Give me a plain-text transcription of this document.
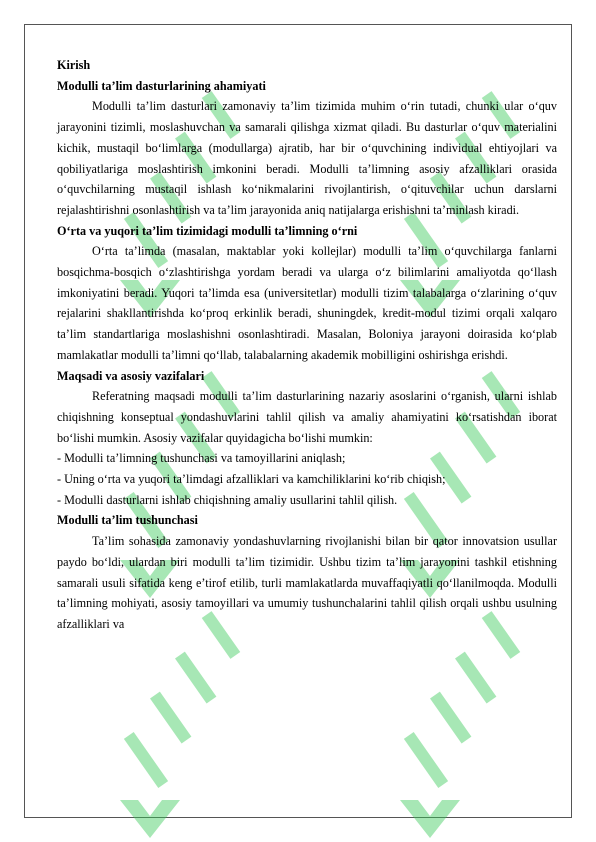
Kirish

Modulli ta’lim dasturlarining ahamiyati

Modulli ta’lim dasturlari zamonaviy ta’lim tizimida muhim o‘rin tutadi, chunki ular o‘quv jarayonini tizimli, moslashuvchan va samarali qilishga xizmat qiladi. Bu dasturlar o‘quv materialini kichik, mustaqil bo‘limlarga (modullarga) ajratib, har bir o‘quvchining individual ehtiyojlari va qobiliyatlariga moslashtirish imkonini beradi. Modulli ta’limning asosiy afzalliklari orasida o‘quvchilarning mustaqil ishlash ko‘nikmalarini rivojlantirish, o‘qituvchilar uchun darslarni rejalashtirishni osonlashtirish va ta’lim jarayonida aniq natijalarga erishishni ta’minlash kiradi.

O‘rta va yuqori ta’lim tizimidagi modulli ta’limning o‘rni

O‘rta ta’limda (masalan, maktablar yoki kollejlar) modulli ta’lim o‘quvchilarga fanlarni bosqichma-bosqich o‘zlashtirishga yordam beradi va ularga o‘z bilimlarini amaliyotda qo‘llash imkoniyatini beradi. Yuqori ta’limda esa (universitetlar) modulli tizim talabalarga o‘zlarining o‘quv rejalarini shakllantirishda ko‘proq erkinlik beradi, shuningdek, kredit-modul tizimi orqali xalqaro ta’lim standartlariga moslashishni osonlashtiradi. Masalan, Boloniya jarayoni doirasida ko‘plab mamlakatlar modulli ta’limni qo‘llab, talabalarning akademik mobilligini oshirishga erishdi.

Maqsadi va asosiy vazifalari

Referatning maqsadi modulli ta’lim dasturlarining nazariy asoslarini o‘rganish, ularni ishlab chiqishning konseptual yondashuvlarini tahlil qilish va amaliy ahamiyatini ko‘rsatishdan iborat bo‘lishi mumkin. Asosiy vazifalar quyidagicha bo‘lishi mumkin:

- Modulli ta’limning tushunchasi va tamoyillarini aniqlash;

- Uning o‘rta va yuqori ta’limdagi afzalliklari va kamchiliklarini ko‘rib chiqish;

- Modulli dasturlarni ishlab chiqishning amaliy usullarini tahlil qilish.

Modulli ta’lim tushunchasi

Ta’lim sohasida zamonaviy yondashuvlarning rivojlanishi bilan bir qator innovatsion usullar paydo bo‘ldi, ulardan biri modulli ta’lim tizimidir. Ushbu tizim ta’lim jarayonini tashkil etishning samarali usuli sifatida keng e’tirof etilib, turli mamlakatlarda muvaffaqiyatli qo‘llanilmoqda. Modulli ta’limning mohiyati, asosiy tamoyillari va umumiy tushunchalarini tahlil qilish orqali ushbu usulning afzalliklari va
